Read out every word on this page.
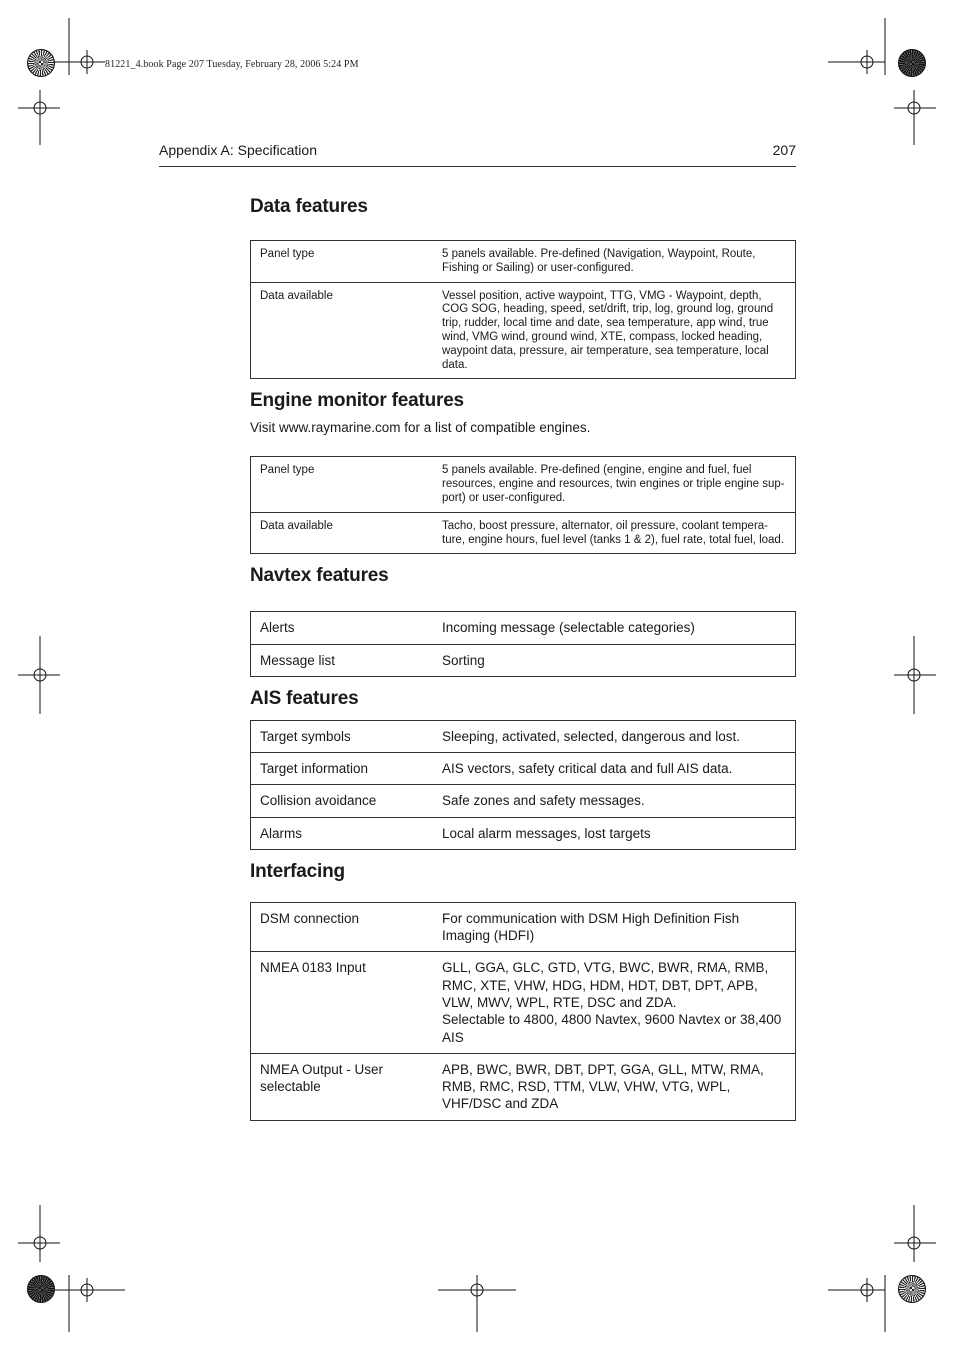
81221_4.book Page 207 Tuesday, February 28, 2006 5:24 PM
Appendix A: Specification	207
Data features
Panel type	5 panels available. Pre-defined (Navigation, Waypoint, Route, Fishing or Sailing) or user-configured.
Data available	Vessel position, active waypoint, TTG, VMG - Waypoint, depth, COG SOG, heading, speed, set/drift, trip, log, ground log, ground trip, rudder, local time and date, sea temperature, app wind, true wind, VMG wind, ground wind, XTE, compass, locked heading, waypoint data, pressure, air temperature, sea temperature, local data.
Engine monitor features

Visit www.raymarine.com for a list of compatible engines.

Panel type	5 panels available. Pre-defined (engine, engine and fuel, fuel resources, engine and resources, twin engines or triple engine sup-port) or user-configured.
Data available	Tacho, boost pressure, alternator, oil pressure, coolant tempera-ture, engine hours, fuel level (tanks 1 & 2), fuel rate, total fuel, load.
Navtex features
Alerts	Incoming message (selectable categories)
Message list	Sorting
AIS features
Target symbols	Sleeping, activated, selected, dangerous and lost.
Target information	AIS vectors, safety critical data and full AIS data.
Collision avoidance	Safe zones and safety messages.
Alarms	Local alarm messages, lost targets
Interfacing
DSM connection	For communication with DSM High Definition Fish Imaging (HDFI)
NMEA 0183 Input	GLL, GGA, GLC, GTD, VTG, BWC, BWR, RMA, RMB, RMC, XTE, VHW, HDG, HDM, HDT, DBT, DPT, APB, VLW, MWV, WPL, RTE, DSC and ZDA.
Selectable to 4800, 4800 Navtex, 9600 Navtex or 38,400 AIS

NMEA Output - User selectable	APB, BWC, BWR, DBT, DPT, GGA, GLL, MTW, RMA, RMB, RMC, RSD, TTM, VLW, VHW, VTG, WPL, VHF/DSC and ZDA
